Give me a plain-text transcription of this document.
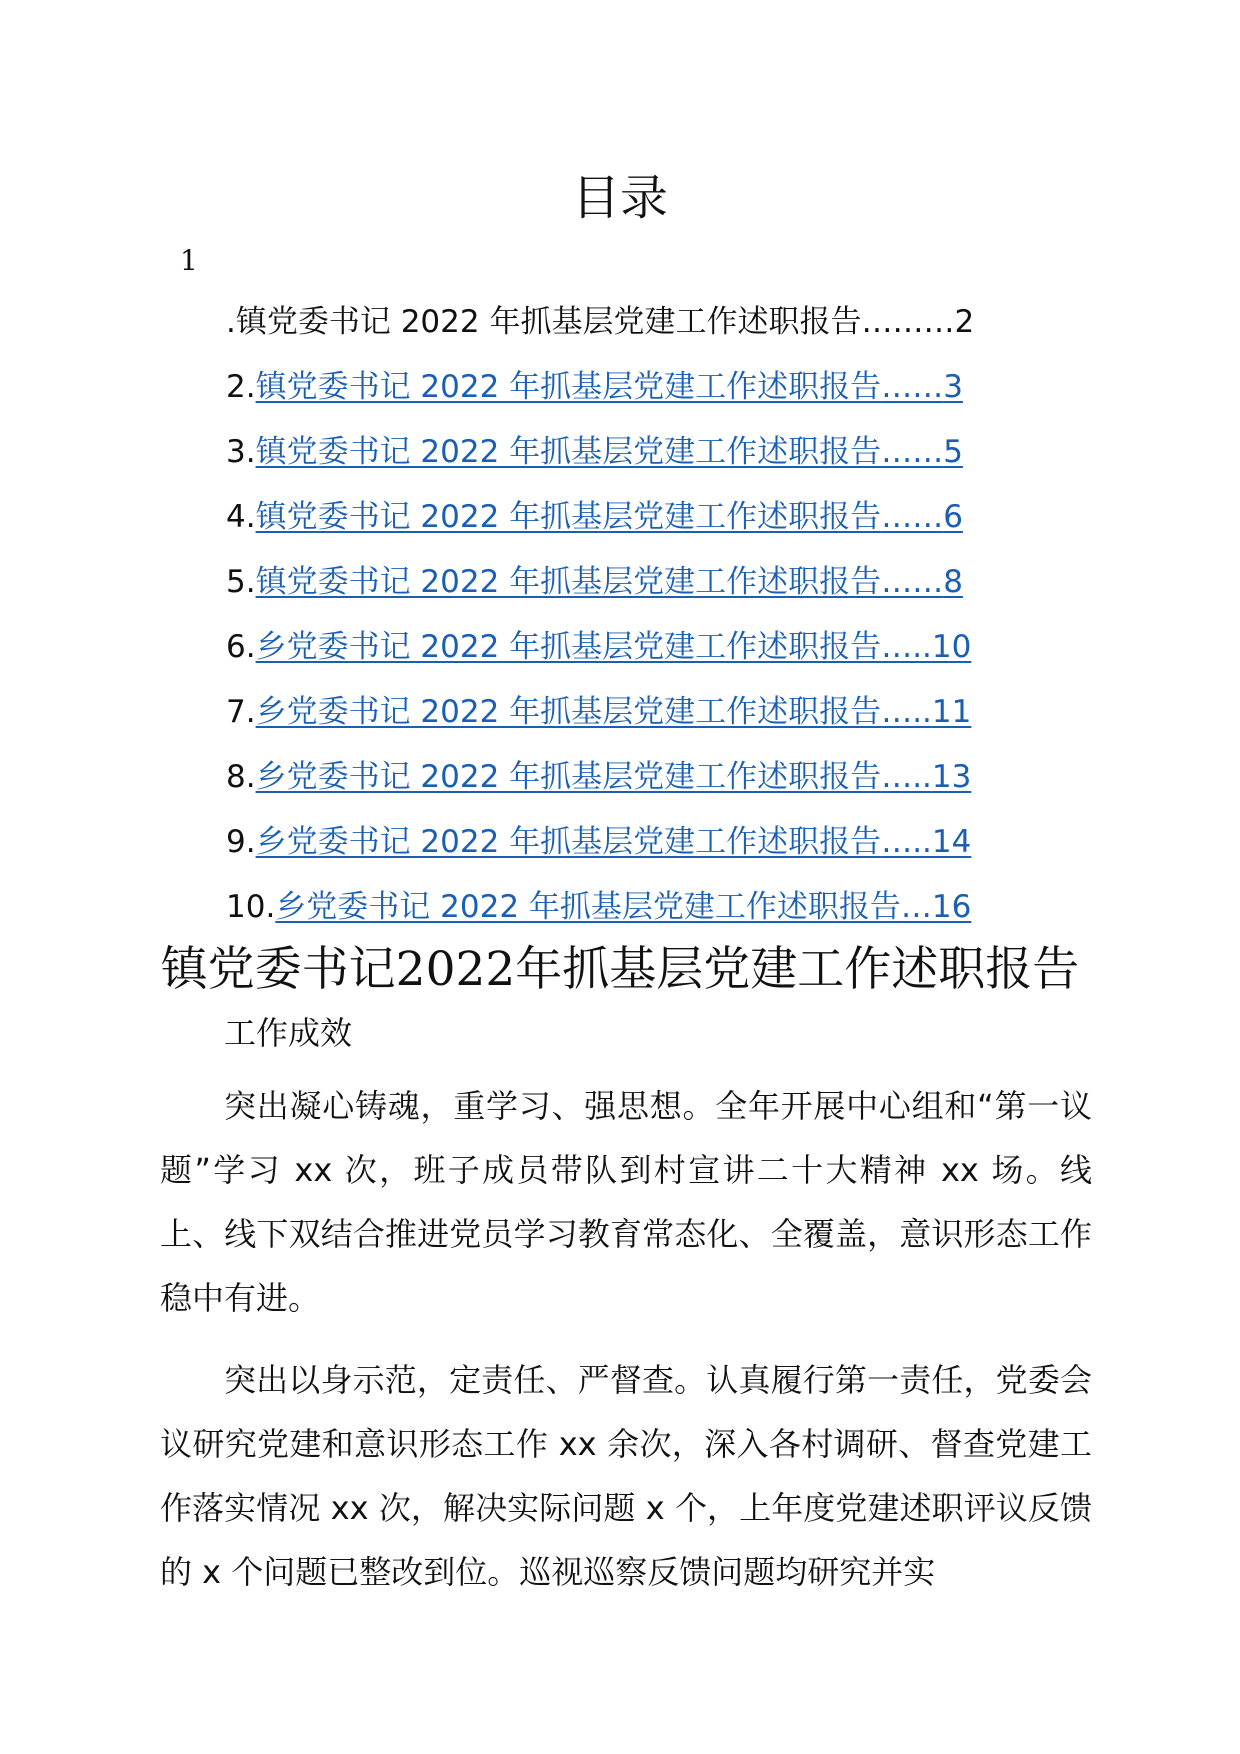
目录
1
.镇党委书记 2022 年抓基层党建工作述职报告………2
2.镇党委书记 2022 年抓基层党建工作述职报告……3
3.镇党委书记 2022 年抓基层党建工作述职报告……5
4.镇党委书记 2022 年抓基层党建工作述职报告……6
5.镇党委书记 2022 年抓基层党建工作述职报告……8
6.乡党委书记 2022 年抓基层党建工作述职报告…..10
7.乡党委书记 2022 年抓基层党建工作述职报告…..11
8.乡党委书记 2022 年抓基层党建工作述职报告…..13
9.乡党委书记 2022 年抓基层党建工作述职报告…..14
10.乡党委书记 2022 年抓基层党建工作述职报告…16
镇党委书记2022年抓基层党建工作述职报告
工作成效

突出凝心铸魂，重学习、强思想。全年开展中心组和“第一议题”学习 xx 次，班子成员带队到村宣讲二十大精神 xx 场。线上、线下双结合推进党员学习教育常态化、全覆盖，意识形态工作稳中有进。

突出以身示范，定责任、严督查。认真履行第一责任，党委会议研究党建和意识形态工作 xx 余次，深入各村调研、督查党建工作落实情况 xx 次，解决实际问题 x 个，上年度党建述职评议反馈的 x 个问题已整改到位。巡视巡察反馈问题均研究并实
